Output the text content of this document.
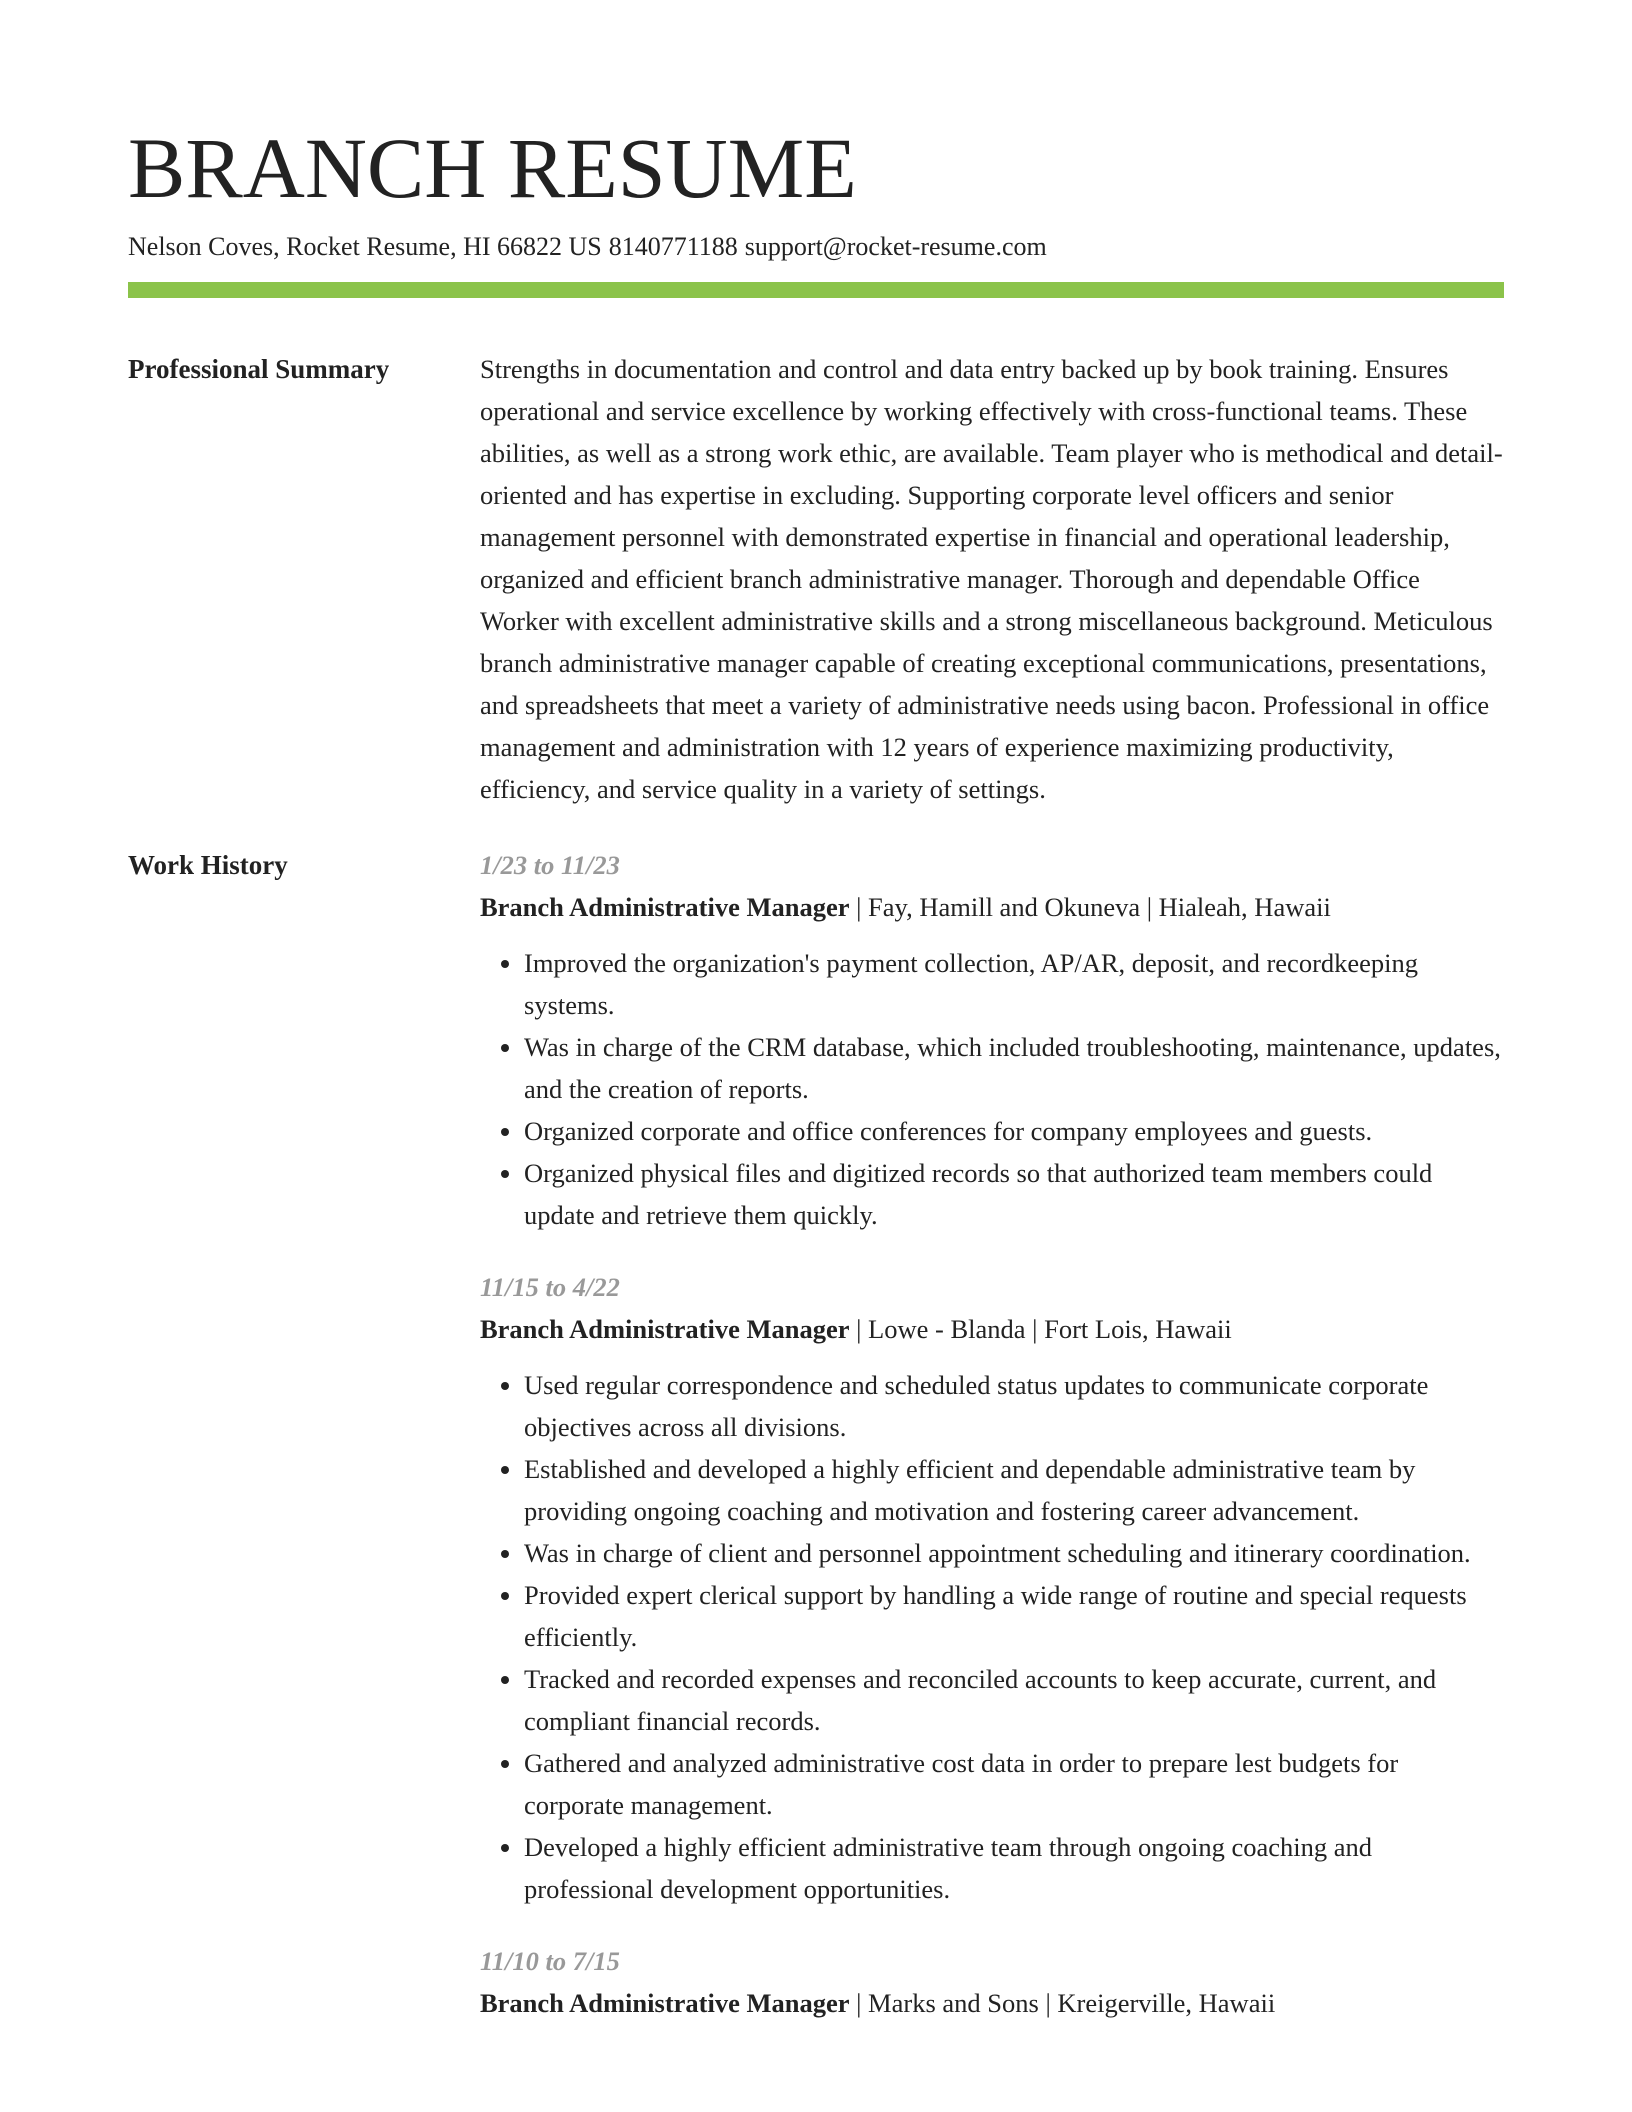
BRANCH RESUME
Nelson Coves, Rocket Resume, HI 66822 US 8140771188 support@rocket-resume.com
Professional Summary	Strengths in documentation and control and data entry backed up by book training. Ensures operational and service excellence by working effectively with cross-functional teams. These abilities, as well as a strong work ethic, are available. Team player who is methodical and detail-oriented and has expertise in excluding. Supporting corporate level officers and senior management personnel with demonstrated expertise in financial and operational leadership, organized and efficient branch administrative manager. Thorough and dependable Office Worker with excellent administrative skills and a strong miscellaneous background. Meticulous branch administrative manager capable of creating exceptional communications, presentations, and spreadsheets that meet a variety of administrative needs using bacon. Professional in office management and administration with 12 years of experience maximizing productivity, efficiency, and service quality in a variety of settings.
Work History	1/23 to 11/23
Branch Administrative Manager | Fay, Hamill and Okuneva | Hialeah, Hawaii
• Improved the organization's payment collection, AP/AR, deposit, and recordkeeping systems.
• Was in charge of the CRM database, which included troubleshooting, maintenance, updates, and the creation of reports.
• Organized corporate and office conferences for company employees and guests.
• Organized physical files and digitized records so that authorized team members could update and retrieve them quickly.
11/15 to 4/22
Branch Administrative Manager | Lowe - Blanda | Fort Lois, Hawaii
• Used regular correspondence and scheduled status updates to communicate corporate objectives across all divisions.
• Established and developed a highly efficient and dependable administrative team by providing ongoing coaching and motivation and fostering career advancement.
• Was in charge of client and personnel appointment scheduling and itinerary coordination.
• Provided expert clerical support by handling a wide range of routine and special requests efficiently.
• Tracked and recorded expenses and reconciled accounts to keep accurate, current, and compliant financial records.
• Gathered and analyzed administrative cost data in order to prepare lest budgets for corporate management.
• Developed a highly efficient administrative team through ongoing coaching and professional development opportunities.
11/10 to 7/15
Branch Administrative Manager | Marks and Sons | Kreigerville, Hawaii
